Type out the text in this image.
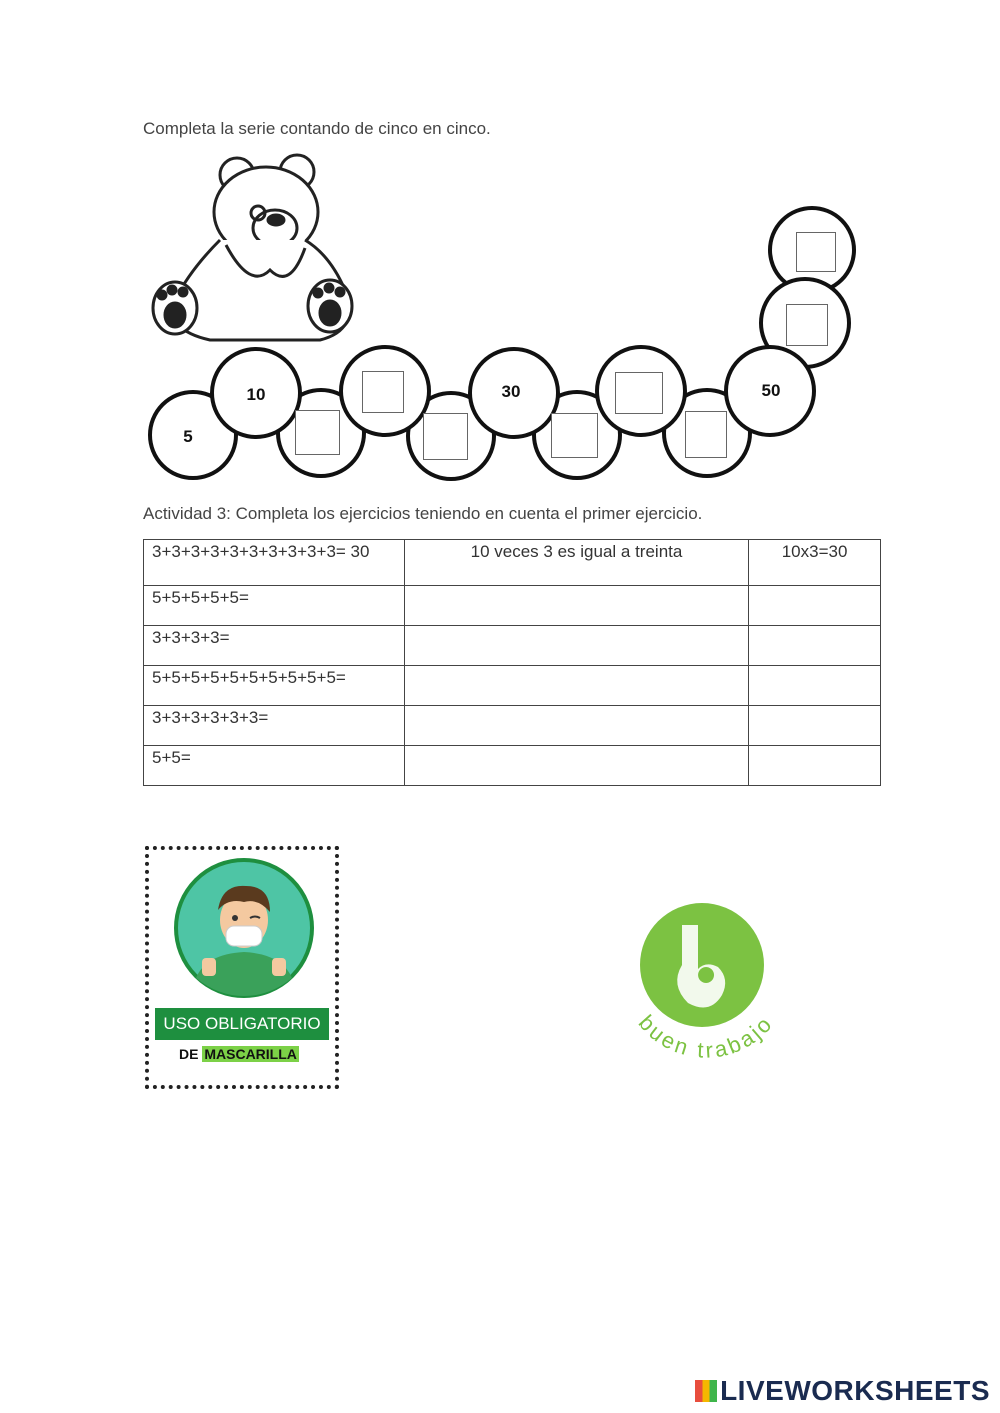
Completa la serie contando de cinco en cinco.
5
10	30	50
Actividad 3: Completa los ejercicios teniendo en cuenta el primer ejercicio.
3+3+3+3+3+3+3+3+3+3= 30	10 veces 3 es igual a treinta	10x3=30
5+5+5+5+5=		
3+3+3+3=		
5+5+5+5+5+5+5+5+5+5=		
3+3+3+3+3+3=		
5+5=		
USO OBLIGATORIO
DE MASCARILLA
buen trabajo
LIVEWORKSHEETS
